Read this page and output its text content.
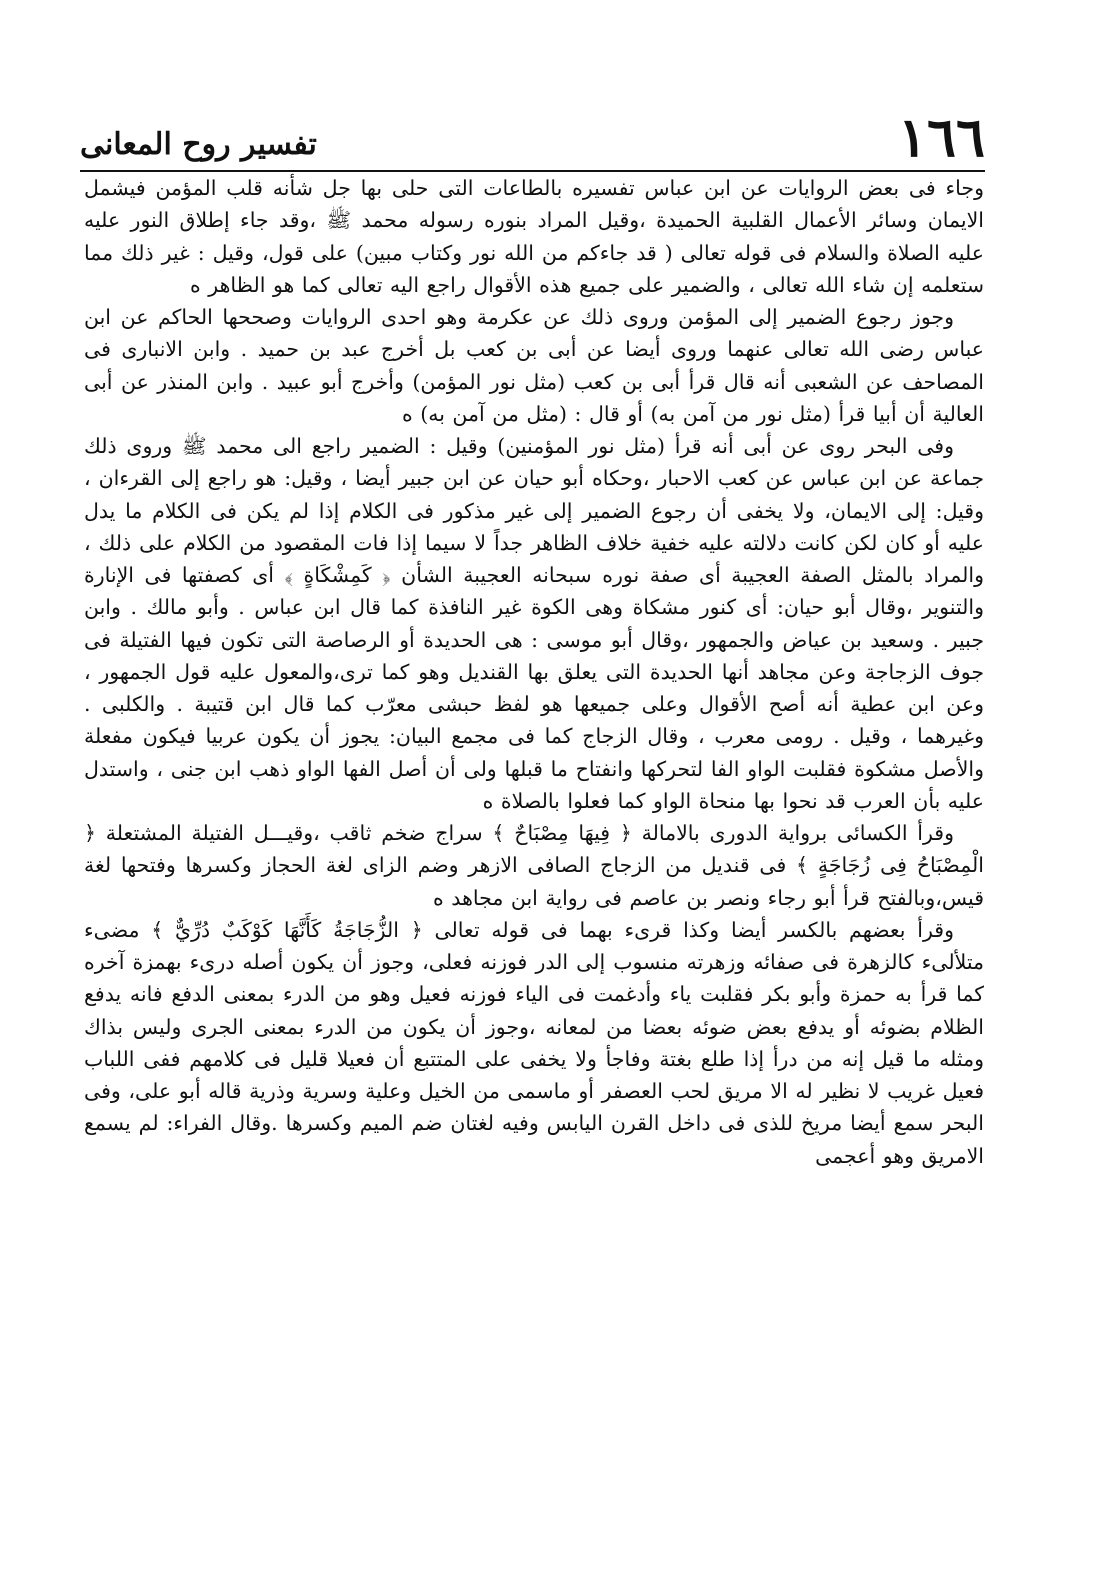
تفسير روح المعانى	١٦٦

وجاء فى بعض الروايات عن ابن عباس تفسيره بالطاعات التى حلى بها جل شأنه قلب المؤمن فيشمل الايمان وسائر الأعمال القلبية الحميدة ،وقيل المراد بنوره رسوله محمد ﷺ ،وقد جاء إطلاق النور عليه عليه الصلاة والسلام فى قوله تعالى ( قد جاءكم من الله نور وكتاب مبين) على قول، وقيل : غير ذلك مما ستعلمه إن شاء الله تعالى ، والضمير على جميع هذه الأقوال راجع اليه تعالى كما هو الظاهر ه

وجوز رجوع الضمير إلى المؤمن وروى ذلك عن عكرمة وهو احدى الروايات وصححها الحاكم عن ابن عباس رضى الله تعالى عنهما وروى أيضا عن أبى بن كعب بل أخرج عبد بن حميد . وابن الانبارى فى المصاحف عن الشعبى أنه قال قرأ أبى بن كعب (مثل نور المؤمن) وأخرج أبو عبيد . وابن المنذر عن أبى العالية أن أبيا قرأ (مثل نور من آمن به) أو قال : (مثل من آمن به) ه

وفى البحر روى عن أبى أنه قرأ (مثل نور المؤمنين) وقيل : الضمير راجع الى محمد ﷺ وروى ذلك جماعة عن ابن عباس عن كعب الاحبار ،وحكاه أبو حيان عن ابن جبير أيضا ، وقيل: هو راجع إلى القرءان ، وقيل: إلى الايمان، ولا يخفى أن رجوع الضمير إلى غير مذكور فى الكلام إذا لم يكن فى الكلام ما يدل عليه أو كان لكن كانت دلالته عليه خفية خلاف الظاهر جداً لا سيما إذا فات المقصود من الكلام على ذلك ، والمراد بالمثل الصفة العجيبة أى صفة نوره سبحانه العجيبة الشأن ﴿ كَمِشْكَاةٍ ﴾ أى كصفتها فى الإنارة والتنوير ،وقال أبو حيان: أى كنور مشكاة وهى الكوة غير النافذة كما قال ابن عباس . وأبو مالك . وابن جبير . وسعيد بن عياض والجمهور ،وقال أبو موسى : هى الحديدة أو الرصاصة التى تكون فيها الفتيلة فى جوف الزجاجة وعن مجاهد أنها الحديدة التى يعلق بها القنديل وهو كما ترى،والمعول عليه قول الجمهور ، وعن ابن عطية أنه أصح الأقوال وعلى جميعها هو لفظ حبشى معرّب كما قال ابن قتيبة . والكلبى . وغيرهما ، وقيل . رومى معرب ، وقال الزجاج كما فى مجمع البيان: يجوز أن يكون عربيا فيكون مفعلة والأصل مشكوة فقلبت الواو الفا لتحركها وانفتاح ما قبلها ولى أن أصل الفها الواو ذهب ابن جنى ، واستدل عليه بأن العرب قد نحوا بها منحاة الواو كما فعلوا بالصلاة ه

وقرأ الكسائى برواية الدورى بالامالة ﴿ فِيهَا مِصْبَاحٌ ﴾ سراج ضخم ثاقب ،وقيـــل الفتيلة المشتعلة ﴿ الْمِصْبَاحُ فِى زُجَاجَةٍ ﴾ فى قنديل من الزجاج الصافى الازهر وضم الزاى لغة الحجاز وكسرها وفتحها لغة قيس،وبالفتح قرأ أبو رجاء ونصر بن عاصم فى رواية ابن مجاهد ه

وقرأ بعضهم بالكسر أيضا وكذا قرىء بهما فى قوله تعالى ﴿ الزُّجَاجَةُ كَأَنَّهَا كَوْكَبٌ دُرِّيٌّ ﴾ مضىء متلألىء كالزهرة فى صفائه وزهرته منسوب إلى الدر فوزنه فعلى، وجوز أن يكون أصله درىء بهمزة آخره كما قرأ به حمزة وأبو بكر فقلبت ياء وأدغمت فى الياء فوزنه فعيل وهو من الدرء بمعنى الدفع فانه يدفع الظلام بضوئه أو يدفع بعض ضوئه بعضا من لمعانه ،وجوز أن يكون من الدرء بمعنى الجرى وليس بذاك ومثله ما قيل إنه من درأ إذا طلع بغتة وفاجأ ولا يخفى على المتتبع أن فعيلا قليل فى كلامهم ففى اللباب فعيل غريب لا نظير له الا مريق لحب العصفر أو ماسمى من الخيل وعلية وسرية وذرية قاله أبو على، وفى البحر سمع أيضا مريخ للذى فى داخل القرن اليابس وفيه لغتان ضم الميم وكسرها .وقال الفراء: لم يسمع الامريق وهو أعجمى
